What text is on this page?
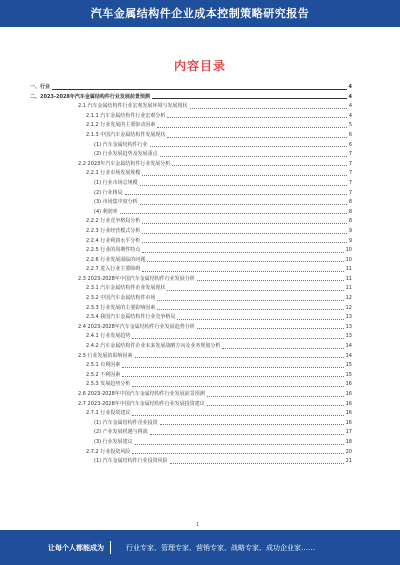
汽车金属结构件企业成本控制策略研究报告
内容目录
一、行业	4
二、2023-2028年汽车金属结构件行业发展前景预测	4
2.1 汽车金属结构件行业宏观发展环境与发展现状	4
2.1.1 汽车金属结构件行业宏观分析	4
2.1.2 行业发展的主要驱动因素	5
2.1.3 中国汽车金属结构件发展现状	6
(1) 汽车金属结构件行业	6
(2) 行业发展趋势及发展重点	7
2.2 2023年汽车金属结构件行业发展分析	7
2.2.1 行业市场发展规模	7
(1) 行业市场总规模	7
(2) 行业格局	7
(3) 市场集中度分析	8
(4) 利润率	8
2.2.2 行业竞争格局分析	8
2.2.3 行业经营模式分析	9
2.2.4 行业利润水平分析	9
2.2.5 行业的周期性特点	10
2.2.6 行业发展面临的问题	10
2.2.7 进入行业主要障碍	11
2.3 2023-2028年中国汽车金属结构件行业发展分析	11
2.3.1 汽车金属结构件企业发展现状	11
2.3.2 中国汽车金属结构件市场	12
2.3.3 行业发展的主要影响因素	12
2.3.4 我国汽车金属结构件行业竞争格局	13
2.4 2023-2028年汽车金属结构件行业发展趋势分析	13
2.4.1 行业发展趋势	13
2.4.2 汽车金属结构件企业未来发展战略方向及业务规划分析	14
2.5 行业发展的影响因素	14
2.5.1 有利因素	15
2.5.2 不利因素	15
2.5.3 发展趋势分析	16
2.6 2023-2028年中国汽车金属结构件行业发展前景预测	16
2.7 2023-2028年中国汽车金属结构件行业发展投资建议	16
2.7.1 行业投资建议	16
(1) 汽车金属结构件企业投资	16
(2) 产业发展机遇与挑战	17
(3) 行业发展建议	18
2.7.2 行业投资风险	20
(1) 汽车金属结构件行业投资风险	21
1
让每个人都能成为	行业专家、管理专家、营销专家、战略专家、成功企业家……
